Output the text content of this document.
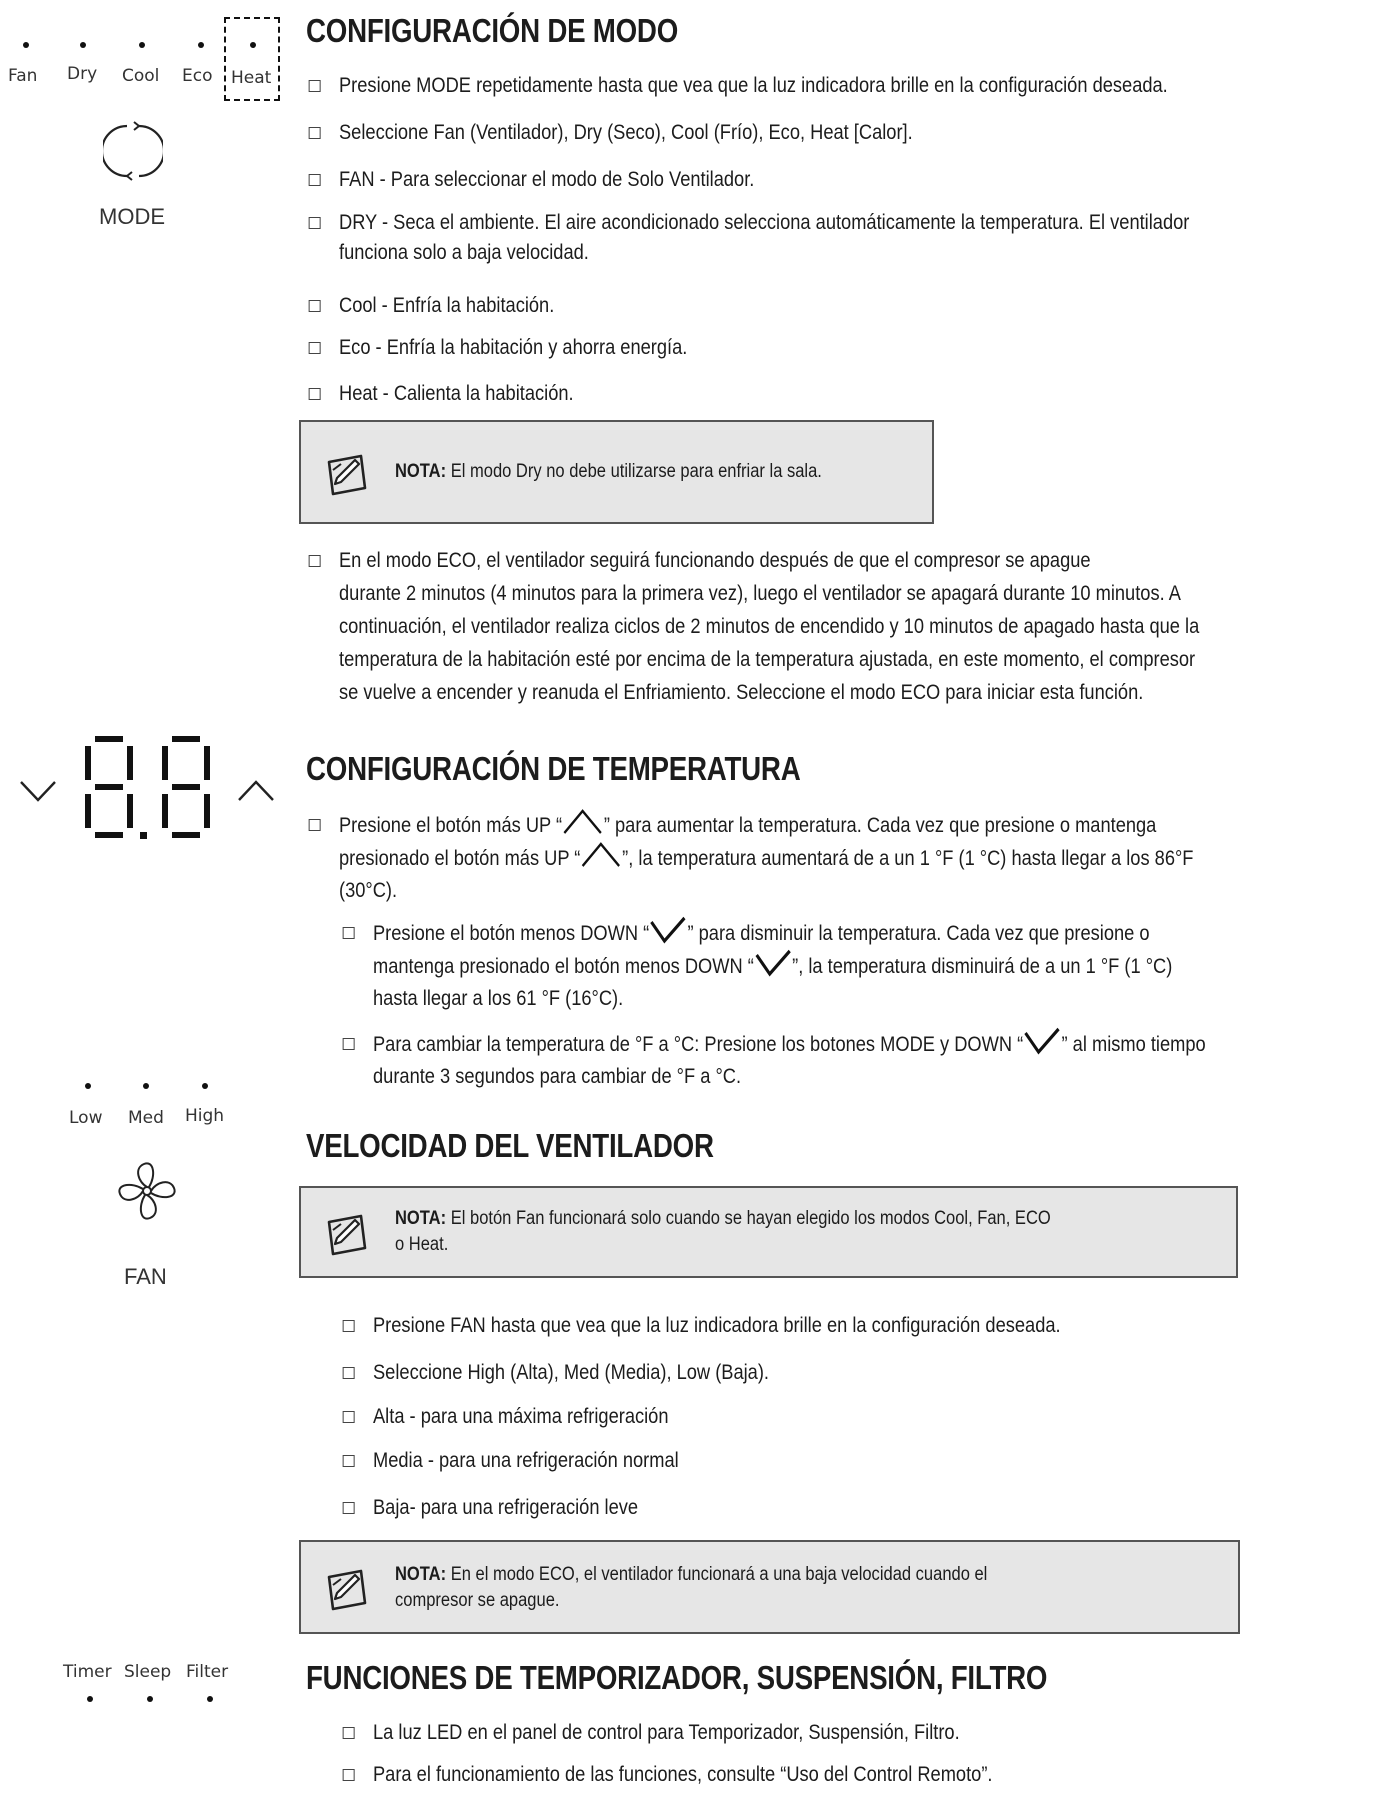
Fan Dry Cool Eco Heat
MODE
CONFIGURACIÓN DE MODO
Presione MODE repetidamente hasta que vea que la luz indicadora brille en la configuración deseada.
Seleccione Fan (Ventilador), Dry (Seco), Cool (Frío), Eco, Heat [Calor].
FAN - Para seleccionar el modo de Solo Ventilador.
DRY - Seca el ambiente. El aire acondicionado selecciona automáticamente la temperatura. El ventilador
funciona solo a baja velocidad.
Cool - Enfría la habitación.
Eco - Enfría la habitación y ahorra energía.
Heat - Calienta la habitación.
NOTA: El modo Dry no debe utilizarse para enfriar la sala.
En el modo ECO, el ventilador seguirá funcionando después de que el compresor se apague
durante 2 minutos (4 minutos para la primera vez), luego el ventilador se apagará durante 10 minutos. A
continuación, el ventilador realiza ciclos de 2 minutos de encendido y 10 minutos de apagado hasta que la
temperatura de la habitación esté por encima de la temperatura ajustada, en este momento, el compresor
se vuelve a encender y reanuda el Enfriamiento. Seleccione el modo ECO para iniciar esta función.
CONFIGURACIÓN DE TEMPERATURA
Presione el botón más UP “ ” para aumentar la temperatura. Cada vez que presione o mantenga
presionado el botón más UP “ ”, la temperatura aumentará de a un 1 °F (1 °C) hasta llegar a los 86°F
(30°C).
Presione el botón menos DOWN “ ” para disminuir la temperatura. Cada vez que presione o
mantenga presionado el botón menos DOWN “ ”, la temperatura disminuirá de a un 1 °F (1 °C)
hasta llegar a los 61 °F (16°C).
Para cambiar la temperatura de °F a °C: Presione los botones MODE y DOWN “ ” al mismo tiempo
durante 3 segundos para cambiar de °F a °C.
Low Med High
FAN
VELOCIDAD DEL VENTILADOR
NOTA: El botón Fan funcionará solo cuando se hayan elegido los modos Cool, Fan, ECO
o Heat.
Presione FAN hasta que vea que la luz indicadora brille en la configuración deseada.
Seleccione High (Alta), Med (Media), Low (Baja).
Alta - para una máxima refrigeración
Media - para una refrigeración normal
Baja- para una refrigeración leve
NOTA: En el modo ECO, el ventilador funcionará a una baja velocidad cuando el
compresor se apague.
Timer Sleep Filter FUNCIONES DE TEMPORIZADOR, SUSPENSIÓN, FILTRO
La luz LED en el panel de control para Temporizador, Suspensión, Filtro.
Para el funcionamiento de las funciones, consulte “Uso del Control Remoto”.
